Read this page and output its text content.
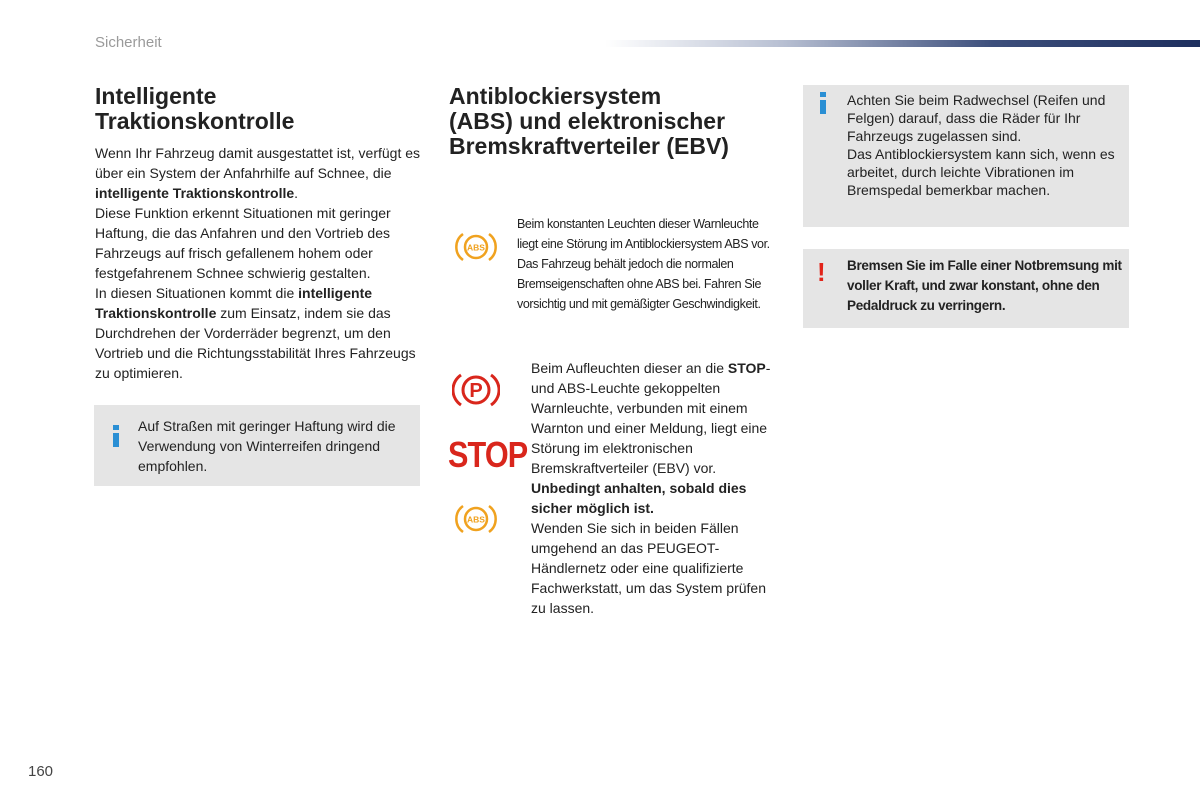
Sicherheit
Intelligente
Traktionskontrolle

Wenn Ihr Fahrzeug damit ausgestattet ist, verfügt es über ein System der Anfahrhilfe auf Schnee, die intelligente Traktionskontrolle.

Diese Funktion erkennt Situationen mit geringer Haftung, die das Anfahren und den Vortrieb des Fahrzeugs auf frisch gefallenem hohem oder festgefahrenem Schnee schwierig gestalten.

In diesen Situationen kommt die intelligente Traktionskontrolle zum Einsatz, indem sie das Durchdrehen der Vorderräder begrenzt, um den Vortrieb und die Richtungsstabilität Ihres Fahrzeugs zu optimieren.

Auf Straßen mit geringer Haftung wird die Verwendung von Winterreifen dringend empfohlen.
Antiblockiersystem
(ABS) und elektronischer
Bremskraftverteiler (EBV)
ABS

Beim konstanten Leuchten dieser Warnleuchte liegt eine Störung im Antiblockiersystem ABS vor.

Das Fahrzeug behält jedoch die normalen Bremseigenschaften ohne ABS bei. Fahren Sie vorsichtig und mit gemäßigter Geschwindigkeit.

P
STOP
ABS

Beim Aufleuchten dieser an die STOP- und ABS-Leuchte gekoppelten Warnleuchte, verbunden mit einem Warnton und einer Meldung, liegt eine Störung im elektronischen Bremskraftverteiler (EBV) vor.

Unbedingt anhalten, sobald dies sicher möglich ist.

Wenden Sie sich in beiden Fällen umgehend an das PEUGEOT-Händlernetz oder eine qualifizierte Fachwerkstatt, um das System prüfen zu lassen.

Achten Sie beim Radwechsel (Reifen und Felgen) darauf, dass die Räder für Ihr Fahrzeugs zugelassen sind.

Das Antiblockiersystem kann sich, wenn es arbeitet, durch leichte Vibrationen im Bremspedal bemerkbar machen.

! Bremsen Sie im Falle einer Notbremsung mit voller Kraft, und zwar konstant, ohne den Pedaldruck zu verringern.
160
